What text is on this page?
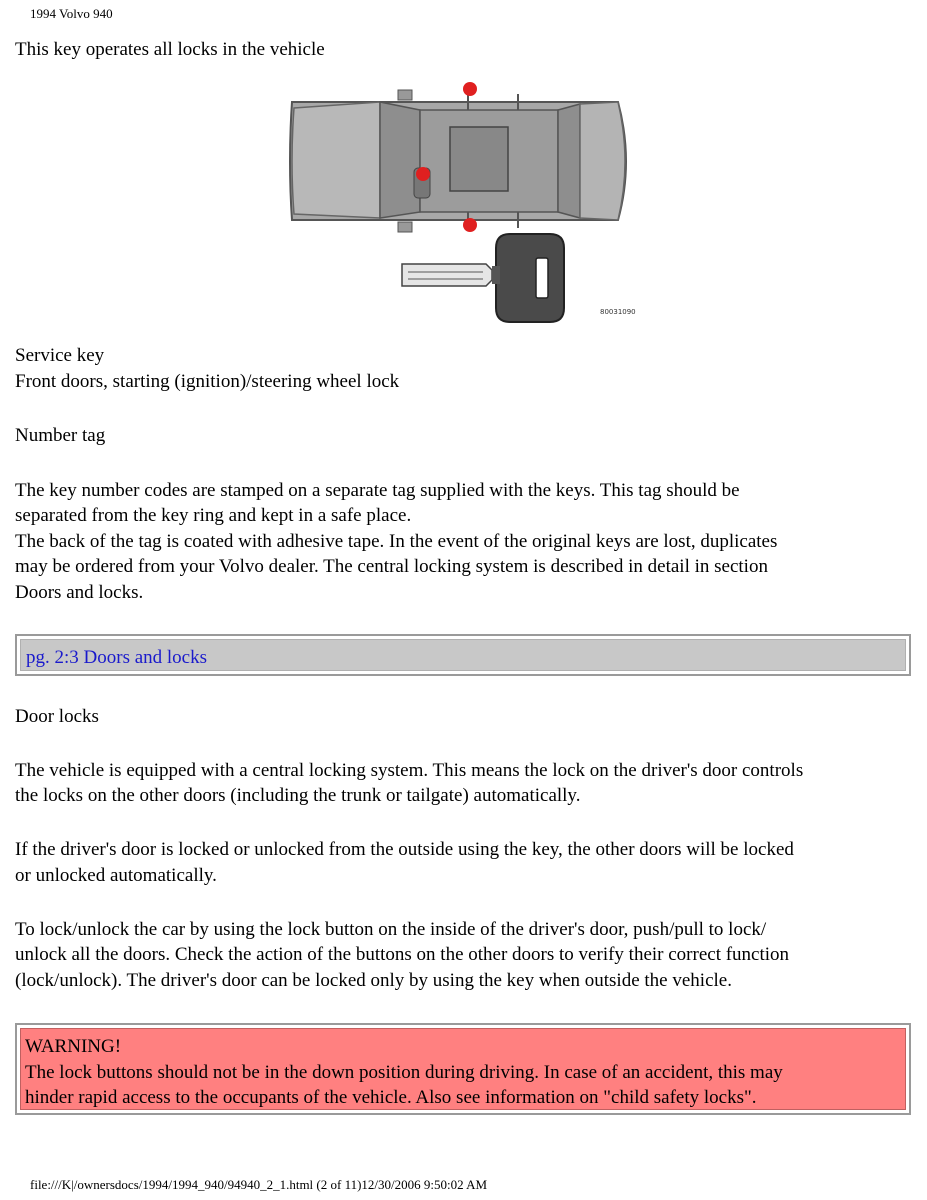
1994 Volvo 940
This key operates all locks in the vehicle
80031090
Service key
Front doors, starting (ignition)/steering wheel lock
Number tag
The key number codes are stamped on a separate tag supplied with the keys. This tag should be
separated from the key ring and kept in a safe place.
The back of the tag is coated with adhesive tape. In the event of the original keys are lost, duplicates
may be ordered from your Volvo dealer. The central locking system is described in detail in section
Doors and locks.
pg. 2:3 Doors and locks
Door locks
The vehicle is equipped with a central locking system. This means the lock on the driver's door controls
the locks on the other doors (including the trunk or tailgate) automatically.
If the driver's door is locked or unlocked from the outside using the key, the other doors will be locked
or unlocked automatically.
To lock/unlock the car by using the lock button on the inside of the driver's door, push/pull to lock/
unlock all the doors. Check the action of the buttons on the other doors to verify their correct function
(lock/unlock). The driver's door can be locked only by using the key when outside the vehicle.
WARNING!
The lock buttons should not be in the down position during driving. In case of an accident, this may
hinder rapid access to the occupants of the vehicle. Also see information on "child safety locks".
file:///K|/ownersdocs/1994/1994_940/94940_2_1.html (2 of 11)12/30/2006 9:50:02 AM
